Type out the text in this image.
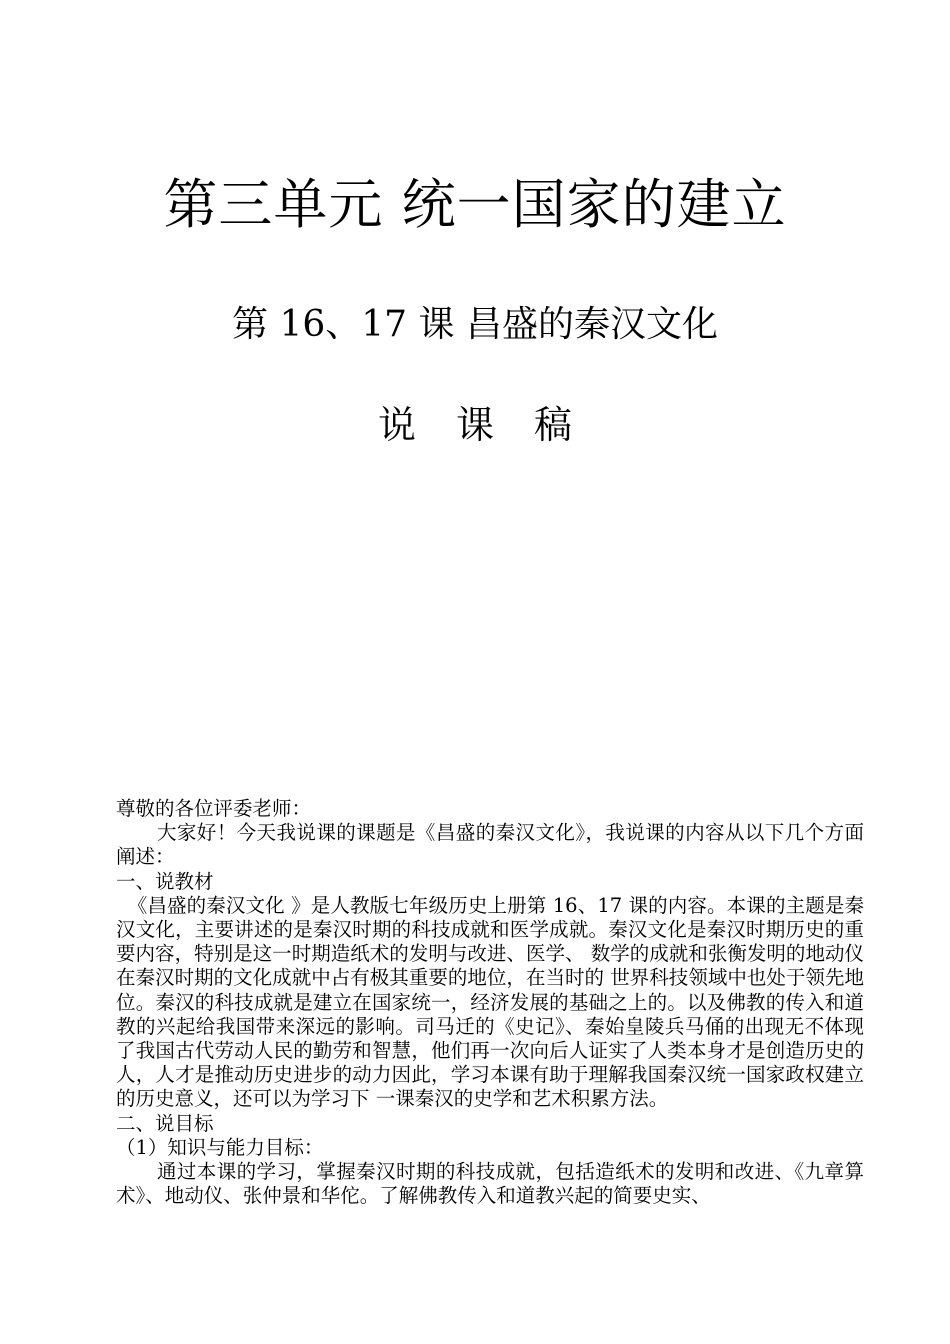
第三单元 统一国家的建立
第 16、17 课 昌盛的秦汉文化
说 课 稿

尊敬的各位评委老师：

大家好！今天我说课的课题是《昌盛的秦汉文化》，我说课的内容从以下几个方面阐述：

一、说教材

《昌盛的秦汉文化 》是人教版七年级历史上册第 16、17 课的内容。本课的主题是秦汉文化，主要讲述的是秦汉时期的科技成就和医学成就。秦汉文化是秦汉时期历史的重要内容，特别是这一时期造纸术的发明与改进、医学、 数学的成就和张衡发明的地动仪在秦汉时期的文化成就中占有极其重要的地位，在当时的 世界科技领域中也处于领先地位。秦汉的科技成就是建立在国家统一，经济发展的基础之上的。以及佛教的传入和道教的兴起给我国带来深远的影响。司马迁的《史记》、秦始皇陵兵马俑的出现无不体现了我国古代劳动人民的勤劳和智慧，他们再一次向后人证实了人类本身才是创造历史的人，人才是推动历史进步的动力因此，学习本课有助于理解我国秦汉统一国家政权建立的历史意义，还可以为学习下 一课秦汉的史学和艺术积累方法。

二、说目标

（1）知识与能力目标：

通过本课的学习，掌握秦汉时期的科技成就，包括造纸术的发明和改进、《九章算术》、地动仪、张仲景和华佗。了解佛教传入和道教兴起的简要史实、
